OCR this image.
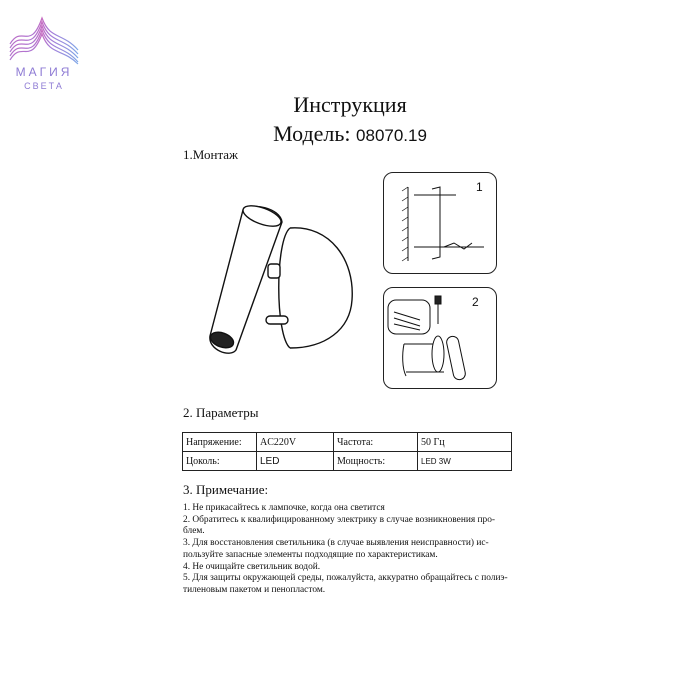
МАГИЯ
СВЕТА
Инструкция
Модель: 08070.19
1.Монтаж
1
2
2. Параметры
Напряжение:	AC220V	Частота:	50 Гц
Цоколь:	LED	Мощность:	LED 3W
3. Примечание:
1. Не прикасайтесь к лампочке, когда она светится
2. Обратитесь к квалифицированному электрику в случае возникновения про-
блем.
3. Для восстановления светильника (в случае выявления неисправности) ис-
пользуйте запасные элементы подходящие по характеристикам.
4. Не очищайте светильник водой.
5. Для защиты окружающей среды, пожалуйста, аккуратно обращайтесь с полиэ-
тиленовым пакетом и пенопластом.
